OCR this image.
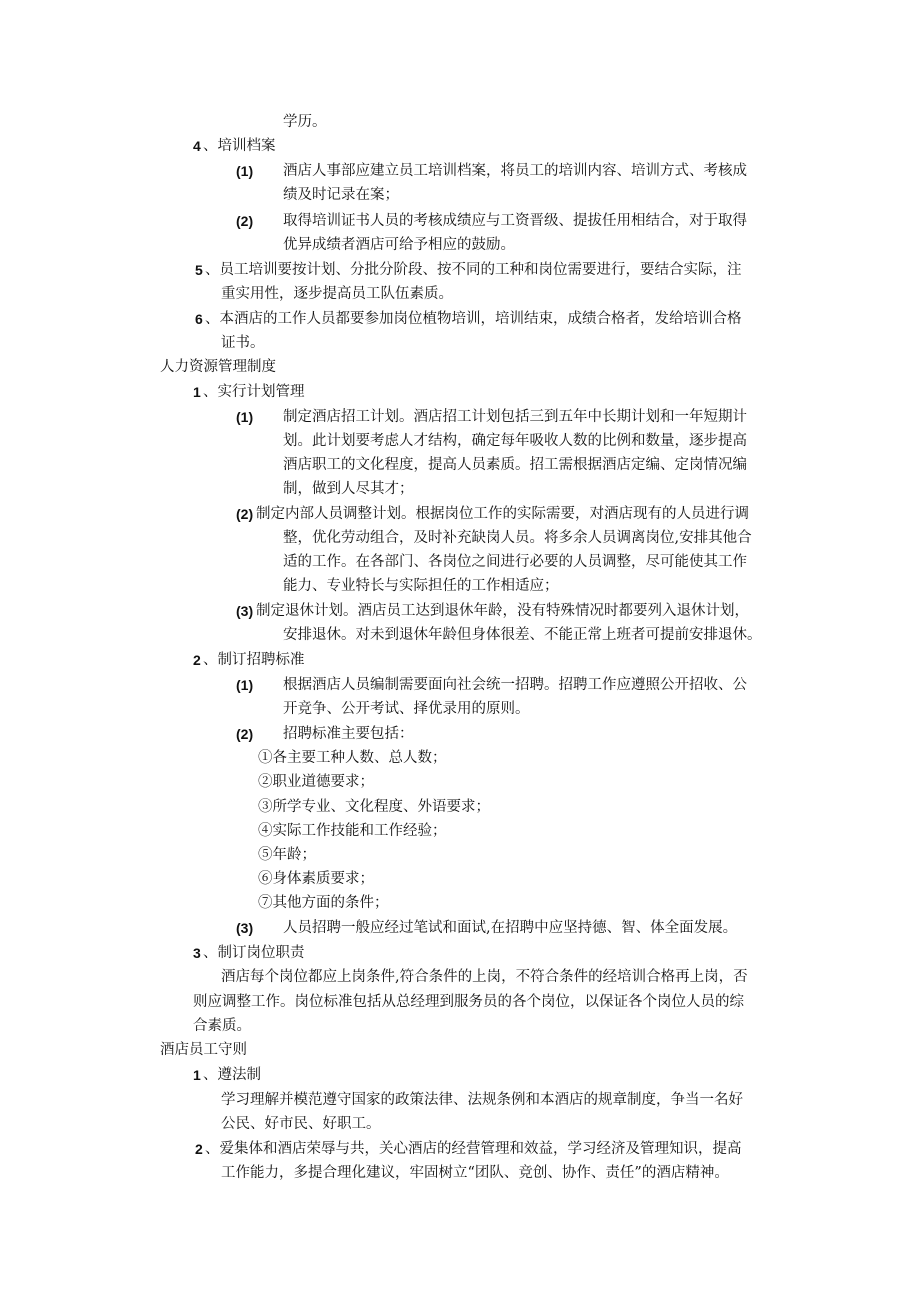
学历。
4 、培训档案
(1) 酒店人事部应建立员工培训档案，将员工的培训内容、培训方式、考核成
绩及时记录在案；
(2) 取得培训证书人员的考核成绩应与工资晋级、提拔任用相结合，对于取得
优异成绩者酒店可给予相应的鼓励。
5 、员工培训要按计划、分批分阶段、按不同的工种和岗位需要进行，要结合实际，注
重实用性，逐步提高员工队伍素质。
6 、本酒店的工作人员都要参加岗位植物培训，培训结束，成绩合格者，发给培训合格
证书。
人力资源管理制度
1 、实行计划管理
(1) 制定酒店招工计划。酒店招工计划包括三到五年中长期计划和一年短期计
划。此计划要考虑人才结构，确定每年吸收人数的比例和数量，逐步提高
酒店职工的文化程度，提高人员素质。招工需根据酒店定编、定岗情况编
制，做到人尽其才；
(2) 制定内部人员调整计划。根据岗位工作的实际需要，对酒店现有的人员进行调
整，优化劳动组合，及时补充缺岗人员。将多余人员调离岗位,安排其他合
适的工作。在各部门、各岗位之间进行必要的人员调整，尽可能使其工作
能力、专业特长与实际担任的工作相适应；
(3) 制定退休计划。酒店员工达到退休年龄，没有特殊情况时都要列入退休计划，
安排退休。对未到退休年龄但身体很差、不能正常上班者可提前安排退休。
2 、制订招聘标准
(1) 根据酒店人员编制需要面向社会统一招聘。招聘工作应遵照公开招收、公
开竞争、公开考试、择优录用的原则。
(2) 招聘标准主要包括：
①各主要工种人数、总人数；
②职业道德要求；
③所学专业、文化程度、外语要求；
④实际工作技能和工作经验；
⑤年龄；
⑥身体素质要求；
⑦其他方面的条件；
(3) 人员招聘一般应经过笔试和面试,在招聘中应坚持德、智、体全面发展。
3 、制订岗位职责
酒店每个岗位都应上岗条件,符合条件的上岗，不符合条件的经培训合格再上岗，否
则应调整工作。岗位标准包括从总经理到服务员的各个岗位，以保证各个岗位人员的综
合素质。
酒店员工守则
1 、遵法制
学习理解并模范遵守国家的政策法律、法规条例和本酒店的规章制度，争当一名好
公民、好市民、好职工。
2 、爱集体和酒店荣辱与共，关心酒店的经营管理和效益，学习经济及管理知识，提高
工作能力，多提合理化建议，牢固树立“团队、竞创、协作、责任”的酒店精神。
